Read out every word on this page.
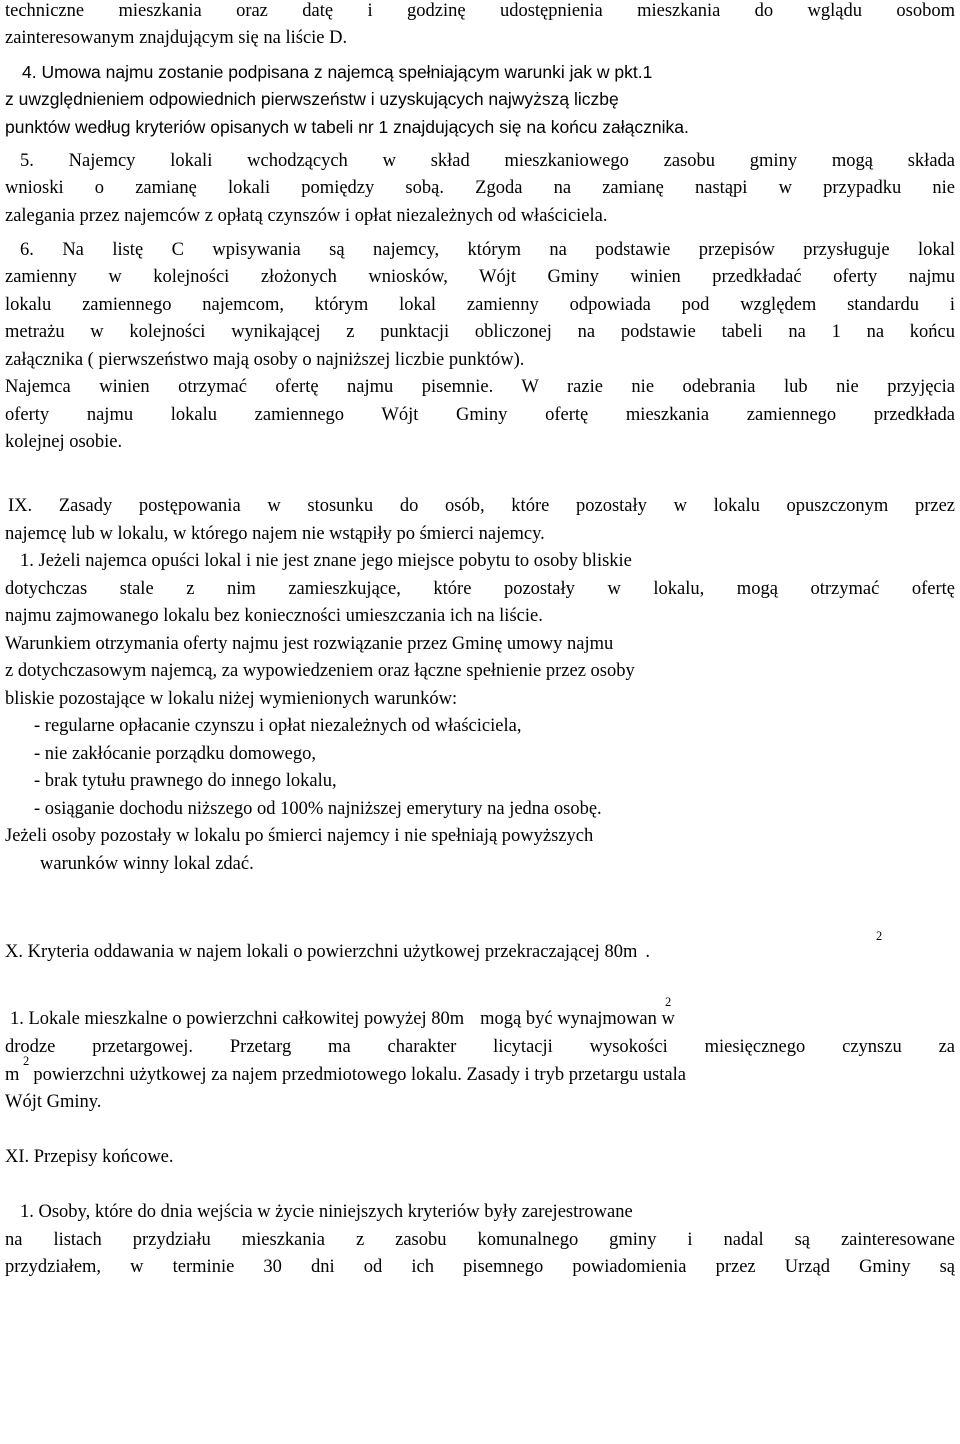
techniczne mieszkania oraz datę i godzinę udostępnienia mieszkania do wglądu osobom
zainteresowanym znajdującym się na liście D.
4. Umowa najmu zostanie podpisana z najemcą spełniającym warunki jak w pkt.1
z uwzględnieniem odpowiednich pierwszeństw i uzyskujących najwyższą liczbę
punktów według kryteriów opisanych w tabeli nr 1 znajdujących się na końcu załącznika.
5. Najemcy lokali wchodzących w skład mieszkaniowego zasobu gminy mogą składa
wnioski o zamianę lokali pomiędzy sobą. Zgoda na zamianę nastąpi w przypadku nie
zalegania przez najemców z opłatą czynszów i opłat niezależnych od właściciela.
6. Na listę C wpisywania są najemcy, którym na podstawie przepisów przysługuje lokal
zamienny w kolejności złożonych wniosków, Wójt Gminy winien przedkładać oferty najmu
lokalu zamiennego najemcom, którym lokal zamienny odpowiada pod względem standardu i
metrażu w kolejności wynikającej z punktacji obliczonej na podstawie tabeli na 1 na końcu
załącznika ( pierwszeństwo mają osoby o najniższej liczbie punktów).
Najemca winien otrzymać ofertę najmu pisemnie. W razie nie odebrania lub nie przyjęcia
oferty najmu lokalu zamiennego Wójt Gminy ofertę mieszkania zamiennego przedkłada
kolejnej osobie.
IX. Zasady postępowania w stosunku do osób, które pozostały w lokalu opuszczonym przez
najemcę lub w lokalu, w którego najem nie wstąpiły po śmierci najemcy.
1. Jeżeli najemca opuści lokal i nie jest znane jego miejsce pobytu to osoby bliskie
dotychczas stale z nim zamieszkujące, które pozostały w lokalu, mogą otrzymać ofertę
najmu zajmowanego lokalu bez konieczności umieszczania ich na liście.
Warunkiem otrzymania oferty najmu jest rozwiązanie przez Gminę umowy najmu
z dotychczasowym najemcą, za wypowiedzeniem oraz łączne spełnienie przez osoby
bliskie pozostające w lokalu niżej wymienionych warunków:
- regularne opłacanie czynszu i opłat niezależnych od właściciela,
- nie zakłócanie porządku domowego,
- brak tytułu prawnego do innego lokalu,
- osiąganie dochodu niższego od 100% najniższej emerytury na jedna osobę.
Jeżeli osoby pozostały w lokalu po śmierci najemcy i nie spełniają powyższych
warunków winny lokal zdać.
X. Kryteria oddawania w najem lokali o powierzchni użytkowej przekraczającej 80m
2
.
1. Lokale mieszkalne o powierzchni całkowitej powyżej 80m
2
mogą być wynajmowan w
drodze przetargowej. Przetarg ma charakter licytacji wysokości miesięcznego czynszu za
m
2
powierzchni użytkowej za najem przedmiotowego lokalu. Zasady i tryb przetargu ustala
Wójt Gminy.
XI. Przepisy końcowe.
1. Osoby, które do dnia wejścia w życie niniejszych kryteriów były zarejestrowane
na listach przydziału mieszkania z zasobu komunalnego gminy i nadal są zainteresowane
przydziałem, w terminie 30 dni od ich pisemnego powiadomienia przez Urząd Gminy są
